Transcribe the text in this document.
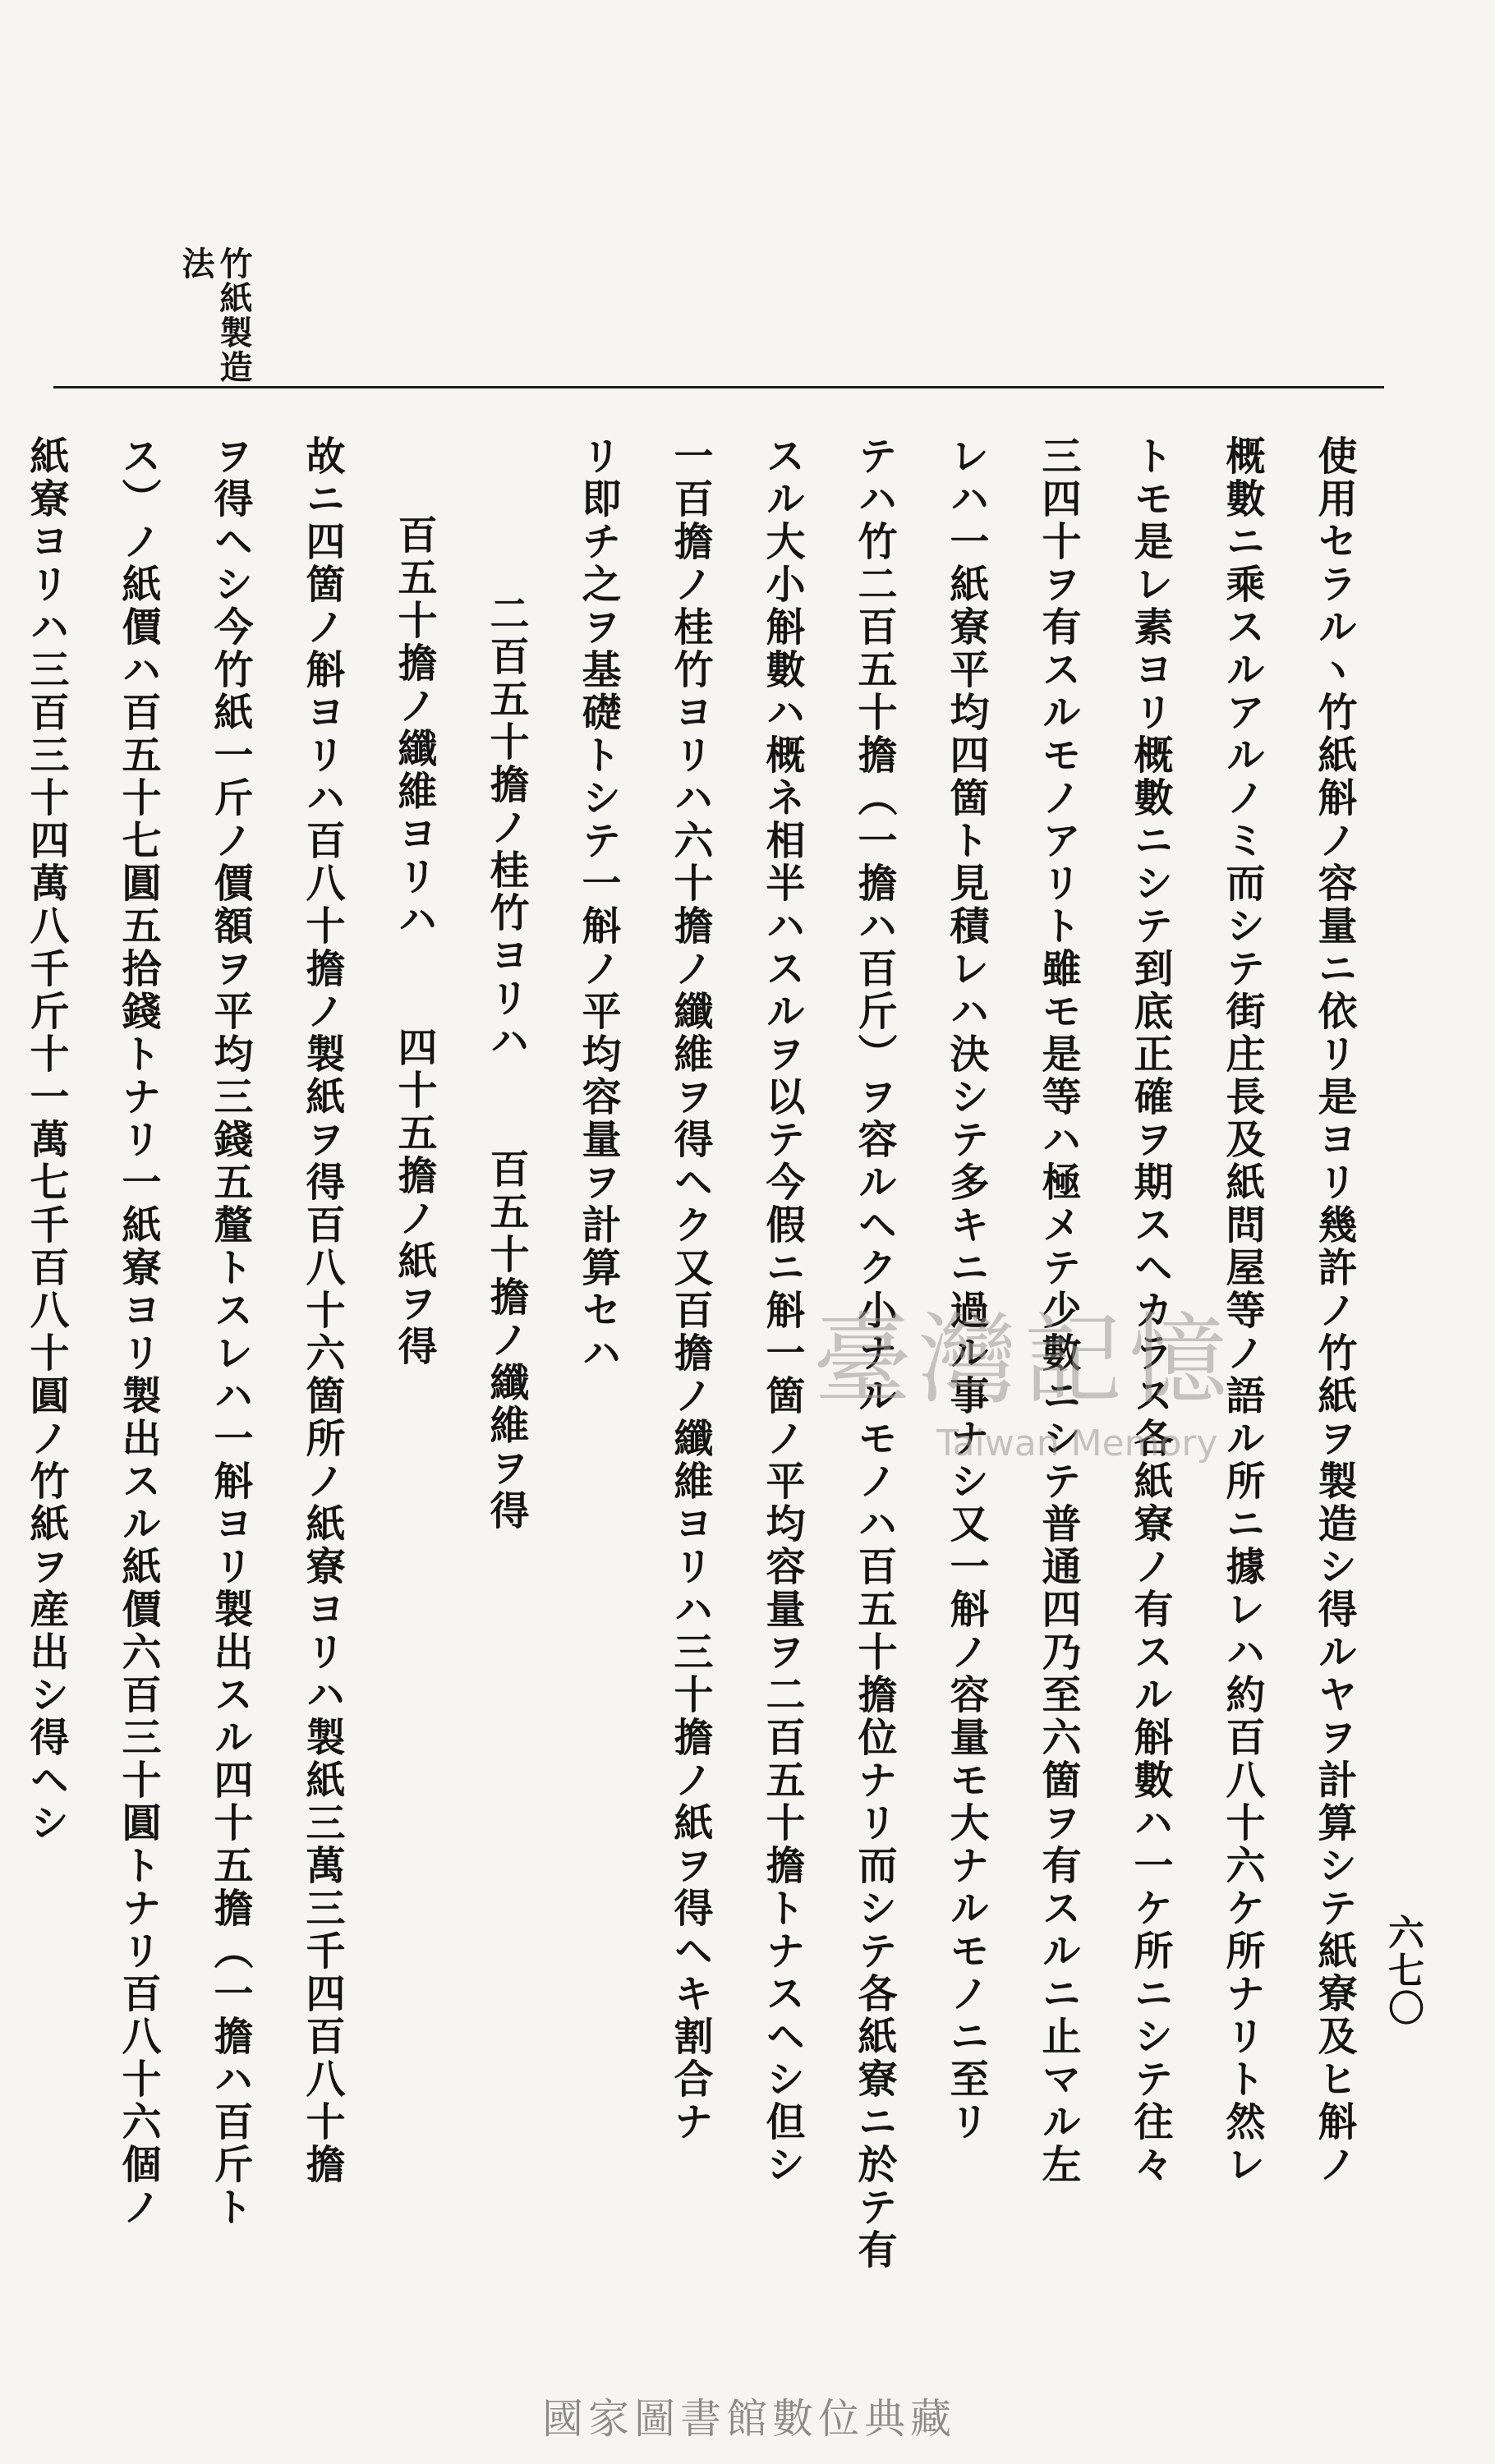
竹紙製造
法
六七〇
使用セラルヽ竹紙斛ノ容量ニ依リ是ヨリ幾許ノ竹紙ヲ製造シ得ルヤヲ計算シテ紙寮及ヒ斛ノ
概數ニ乘スルアルノミ而シテ街庄長及紙問屋等ノ語ル所ニ據レハ約百八十六ケ所ナリト然レ
トモ是レ素ヨリ概數ニシテ到底正確ヲ期スヘカラス各紙寮ノ有スル斛數ハ一ケ所ニシテ往々
三四十ヲ有スルモノアリト雖モ是等ハ極メテ少數ニシテ普通四乃至六箇ヲ有スルニ止マル左
レハ一紙寮平均四箇ト見積レハ決シテ多キニ過ル事ナシ又一斛ノ容量モ大ナルモノニ至リ
テハ竹二百五十擔（一擔ハ百斤）ヲ容ルヘク小ナルモノハ百五十擔位ナリ而シテ各紙寮ニ於テ有
スル大小斛數ハ概ネ相半ハスルヲ以テ今假ニ斛一箇ノ平均容量ヲ二百五十擔トナスヘシ但シ
一百擔ノ桂竹ヨリハ六十擔ノ纖維ヲ得ヘク又百擔ノ纖維ヨリハ三十擔ノ紙ヲ得ヘキ割合ナ
リ即チ之ヲ基礎トシテ一斛ノ平均容量ヲ計算セハ
二百五十擔ノ桂竹ヨリハ　　百五十擔ノ纖維ヲ得
百五十擔ノ纖維ヨリハ　　四十五擔ノ紙ヲ得
故ニ四箇ノ斛ヨリハ百八十擔ノ製紙ヲ得百八十六箇所ノ紙寮ヨリハ製紙三萬三千四百八十擔
ヲ得ヘシ今竹紙一斤ノ價額ヲ平均三錢五釐トスレハ一斛ヨリ製出スル四十五擔（一擔ハ百斤ト
ス）ノ紙價ハ百五十七圓五拾錢トナリ一紙寮ヨリ製出スル紙價六百三十圓トナリ百八十六個ノ
紙寮ヨリハ三百三十四萬八千斤十一萬七千百八十圓ノ竹紙ヲ産出シ得ヘシ	臺灣記憶
Taiwan Memory
國家圖書館數位典藏
